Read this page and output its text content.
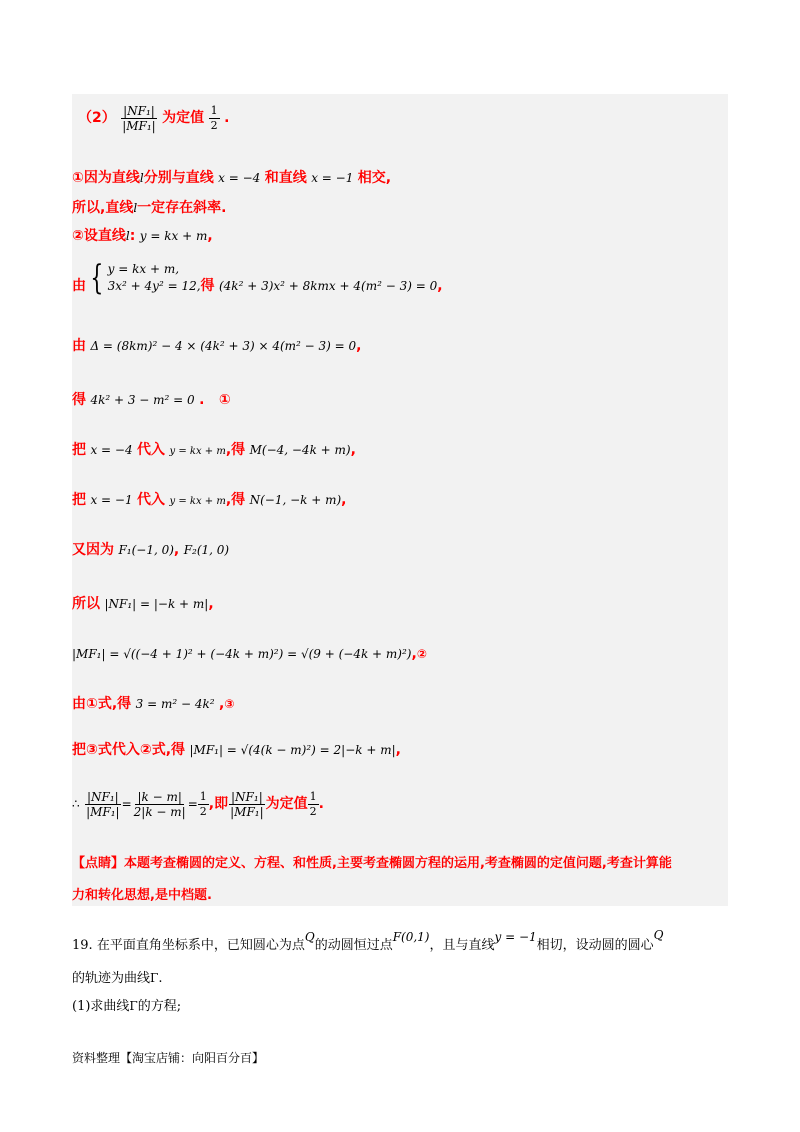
$(2) \frac{\text{|NF₁|}}{\text{|MF₁|}}$ 为定值 $\frac{1}{2}$ .
①因为直线l分别与直线 x = −4 和直线 x = −1 相交,
所以,直线l一定存在斜率.
②设直线l: y = kx + m,
由 { y = kx + m,
3x² + 4y² = 12, 得 (4k² + 3)x² + 8kmx + 4(m² − 3) = 0,
由 Δ = (8km)² − 4 × (4k² + 3) × 4(m² − 3) = 0,
得 4k² + 3 − m² = 0 . ①
把 x = −4 代入 y = kx + m,得 M(−4, −4k + m),
把 x = −1 代入 y = kx + m,得 N(−1, −k + m),
又因为 F₁(−1, 0), F₂(1, 0)
所以 |NF₁| = |−k + m|,
|MF₁| = √((−4 + 1)² + (−4k + m)²) = √(9 + (−4k + m)²),②
由①式,得 3 = m² − 4k² ,③
把③式代入②式,得 |MF₁| = √(4(k − m)²) = 2|−k + m|,
∴ $\frac{\text{|NF₁|}}{\text{|MF₁|}} = \frac{|k - m|}{2|k - m|} = \frac{1}{2}$ ,即 $\frac{\text{|NF₁|}}{\text{|MF₁|}}$ 为定值 $\frac{1}{2}$ .
【点睛】本题考查椭圆的定义、方程、和性质,主要考查椭圆方程的运用,考查椭圆的定值问题,考查计算能
力和转化思想,是中档题.
19. 在平面直角坐标系中，已知圆心为点Q的动圆恒过点F(0,1)，且与直线y = −1相切，设动圆的圆心Q
的轨迹为曲线Γ.
(1)求曲线Γ的方程;
资料整理【淘宝店铺：向阳百分百】
